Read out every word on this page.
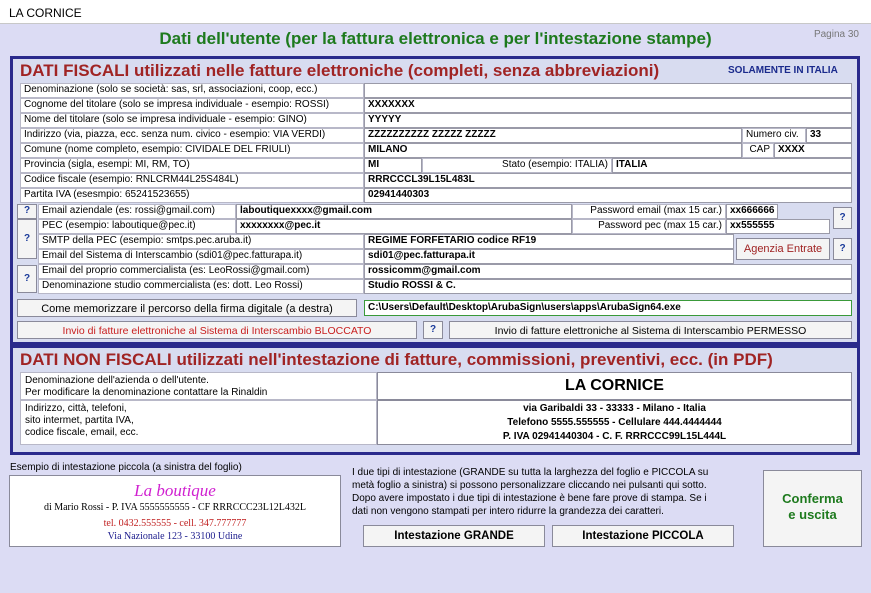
LA CORNICE
Dati dell'utente (per la fattura elettronica e per l'intestazione stampe)	Pagina 30
DATI FISCALI utilizzati nelle fatture elettroniche (completi, senza abbreviazioni)	SOLAMENTE IN ITALIA
Denominazione (solo se società: sas, srl, associazioni, coop, ecc.)
Cognome del titolare (solo se impresa individuale - esempio: ROSSI)	XXXXXXX
Nome del titolare (solo se impresa individuale - esempio: GINO)	YYYYY
Indirizzo (via, piazza, ecc. senza num. civico - esempio: VIA VERDI)	ZZZZZZZZZZ ZZZZZ ZZZZZ	Numero civ.	33
Comune (nome completo, esempio: CIVIDALE DEL FRIULI)	MILANO	CAP XXXX
Provincia (sigla, esempi: MI, RM, TO)	MI	Stato (esempio: ITALIA) ITALIA
Codice fiscale (esempio: RNLCRM44L25S484L)	RRRCCCL39L15L483L
Partita IVA (esesmpio: 65241523655)	02941440303
?	Email aziendale (es: rossi@gmail.com)	laboutiquexxxx@gmail.com	Password email (max 15 car.) xx666666
?
?
PEC (esempio: laboutique@pec.it)	xxxxxxxx@pec.it	Password pec (max 15 car.) xx555555
SMTP della PEC (esempio: smtps.pec.aruba.it)	REGIME FORFETARIO codice RF19
Email del Sistema di Interscambio (sdi01@pec.fatturapa.it)	sdi01@pec.fatturapa.it
Agenzia Entrate	?
?
Email del proprio commercialista (es: LeoRossi@gmail.com)	rossicomm@gmail.com
Denominazione studio commercialista (es: dott. Leo Rossi)	Studio ROSSI & C.
Come memorizzare il percorso della firma digitale (a destra)	C:\Users\Default\Desktop\ArubaSign\users\apps\ArubaSign64.exe
Invio di fatture elettroniche al Sistema di Interscambio BLOCCATO	?	Invio di fatture elettroniche al Sistema di Interscambio PERMESSO
DATI NON FISCALI utilizzati nell'intestazione di fatture, commissioni, preventivi, ecc. (in PDF)
Denominazione dell'azienda o dell'utente.
Per modificare la denominazione contattare la Rinaldin	LA CORNICE
Indirizzo, città, telefoni,
sito intermet, partita IVA,
codice fiscale, email, ecc.
via Garibaldi 33 - 33333 - Milano - Italia
Telefono 5555.555555 - Cellulare 444.4444444
P. IVA 02941440304 - C. F. RRRCCC99L15L444L
Esempio di intestazione piccola (a sinistra del foglio)
La boutique
di Mario Rossi - P. IVA 5555555555 - CF RRRCCC23L12L432L
tel. 0432.555555 - cell. 347.777777
Via Nazionale 123 - 33100 Udine
I due tipi di intestazione (GRANDE su tutta la larghezza del foglio e PICCOLA su
metà foglio a sinistra) si possono personalizzare cliccando nei pulsanti qui sotto.
Dopo avere impostato i due tipi di intestazione è bene fare prove di stampa. Se i
dati non vengono stampati per intero ridurre la grandezza dei caratteri.
Intestazione GRANDE	Intestazione PICCOLA
Conferma
e uscita
